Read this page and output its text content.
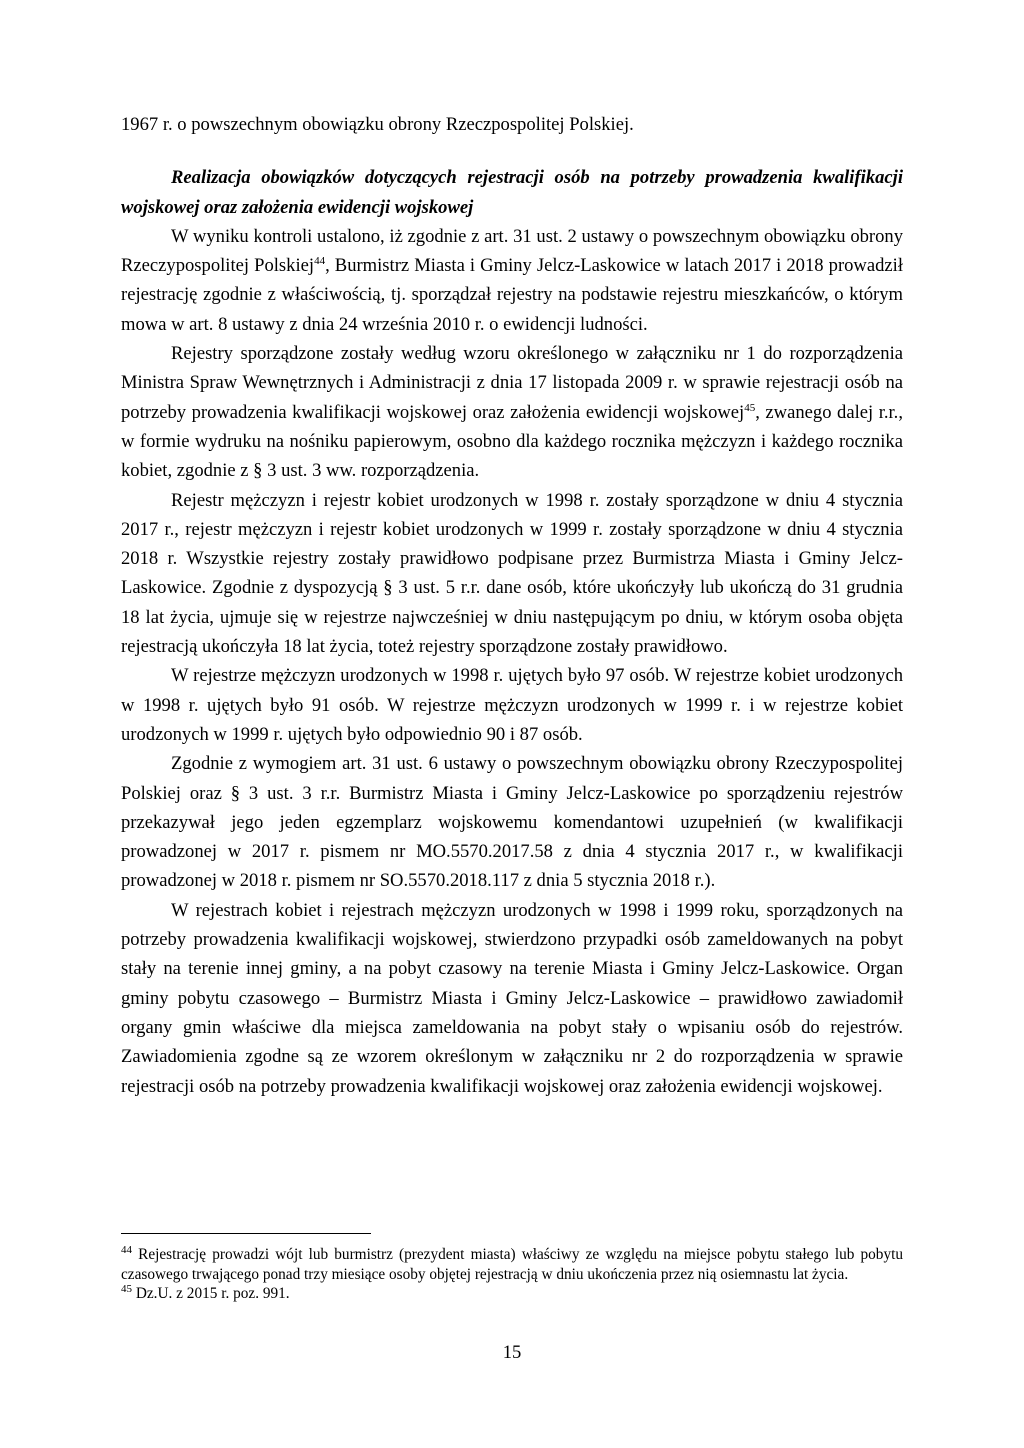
1967 r. o powszechnym obowiązku obrony Rzeczpospolitej Polskiej.

Realizacja obowiązków dotyczących rejestracji osób na potrzeby prowadzenia kwalifikacji wojskowej oraz założenia ewidencji wojskowej

W wyniku kontroli ustalono, iż zgodnie z art. 31 ust. 2 ustawy o powszechnym obowiązku obrony Rzeczypospolitej Polskiej$^{44}$, Burmistrz Miasta i Gminy Jelcz-Laskowice w latach 2017 i 2018 prowadził rejestrację zgodnie z właściwością, tj. sporządzał rejestry na podstawie rejestru mieszkańców, o którym mowa w art. 8 ustawy z dnia 24 września 2010 r. o ewidencji ludności.

Rejestry sporządzone zostały według wzoru określonego w załączniku nr 1 do rozporządzenia Ministra Spraw Wewnętrznych i Administracji z dnia 17 listopada 2009 r. w sprawie rejestracji osób na potrzeby prowadzenia kwalifikacji wojskowej oraz założenia ewidencji wojskowej$^{45}$, zwanego dalej r.r., w formie wydruku na nośniku papierowym, osobno dla każdego rocznika mężczyzn i każdego rocznika kobiet, zgodnie z § 3 ust. 3 ww. rozporządzenia.

Rejestr mężczyzn i rejestr kobiet urodzonych w 1998 r. zostały sporządzone w dniu 4 stycznia 2017 r., rejestr mężczyzn i rejestr kobiet urodzonych w 1999 r. zostały sporządzone w dniu 4 stycznia 2018 r. Wszystkie rejestry zostały prawidłowo podpisane przez Burmistrza Miasta i Gminy Jelcz-Laskowice. Zgodnie z dyspozycją § 3 ust. 5 r.r. dane osób, które ukończyły lub ukończą do 31 grudnia 18 lat życia, ujmuje się w rejestrze najwcześniej w dniu następującym po dniu, w którym osoba objęta rejestracją ukończyła 18 lat życia, toteż rejestry sporządzone zostały prawidłowo.

W rejestrze mężczyzn urodzonych w 1998 r. ujętych było 97 osób. W rejestrze kobiet urodzonych w 1998 r. ujętych było 91 osób. W rejestrze mężczyzn urodzonych w 1999 r. i w rejestrze kobiet urodzonych w 1999 r. ujętych było odpowiednio 90 i 87 osób.

Zgodnie z wymogiem art. 31 ust. 6 ustawy o powszechnym obowiązku obrony Rzeczypospolitej Polskiej oraz § 3 ust. 3 r.r. Burmistrz Miasta i Gminy Jelcz-Laskowice po sporządzeniu rejestrów przekazywał jego jeden egzemplarz wojskowemu komendantowi uzupełnień (w kwalifikacji prowadzonej w 2017 r. pismem nr MO.5570.2017.58 z dnia 4 stycznia 2017 r., w kwalifikacji prowadzonej w 2018 r. pismem nr SO.5570.2018.117 z dnia 5 stycznia 2018 r.).

W rejestrach kobiet i rejestrach mężczyzn urodzonych w 1998 i 1999 roku, sporządzonych na potrzeby prowadzenia kwalifikacji wojskowej, stwierdzono przypadki osób zameldowanych na pobyt stały na terenie innej gminy, a na pobyt czasowy na terenie Miasta i Gminy Jelcz-Laskowice. Organ gminy pobytu czasowego – Burmistrz Miasta i Gminy Jelcz-Laskowice – prawidłowo zawiadomił organy gmin właściwe dla miejsca zameldowania na pobyt stały o wpisaniu osób do rejestrów. Zawiadomienia zgodne są ze wzorem określonym w załączniku nr 2 do rozporządzenia w sprawie rejestracji osób na potrzeby prowadzenia kwalifikacji wojskowej oraz założenia ewidencji wojskowej.

$^{44}$ Rejestrację prowadzi wójt lub burmistrz (prezydent miasta) właściwy ze względu na miejsce pobytu stałego lub pobytu czasowego trwającego ponad trzy miesiące osoby objętej rejestracją w dniu ukończenia przez nią osiemnastu lat życia.

$^{45}$ Dz.U. z 2015 r. poz. 991.

15
